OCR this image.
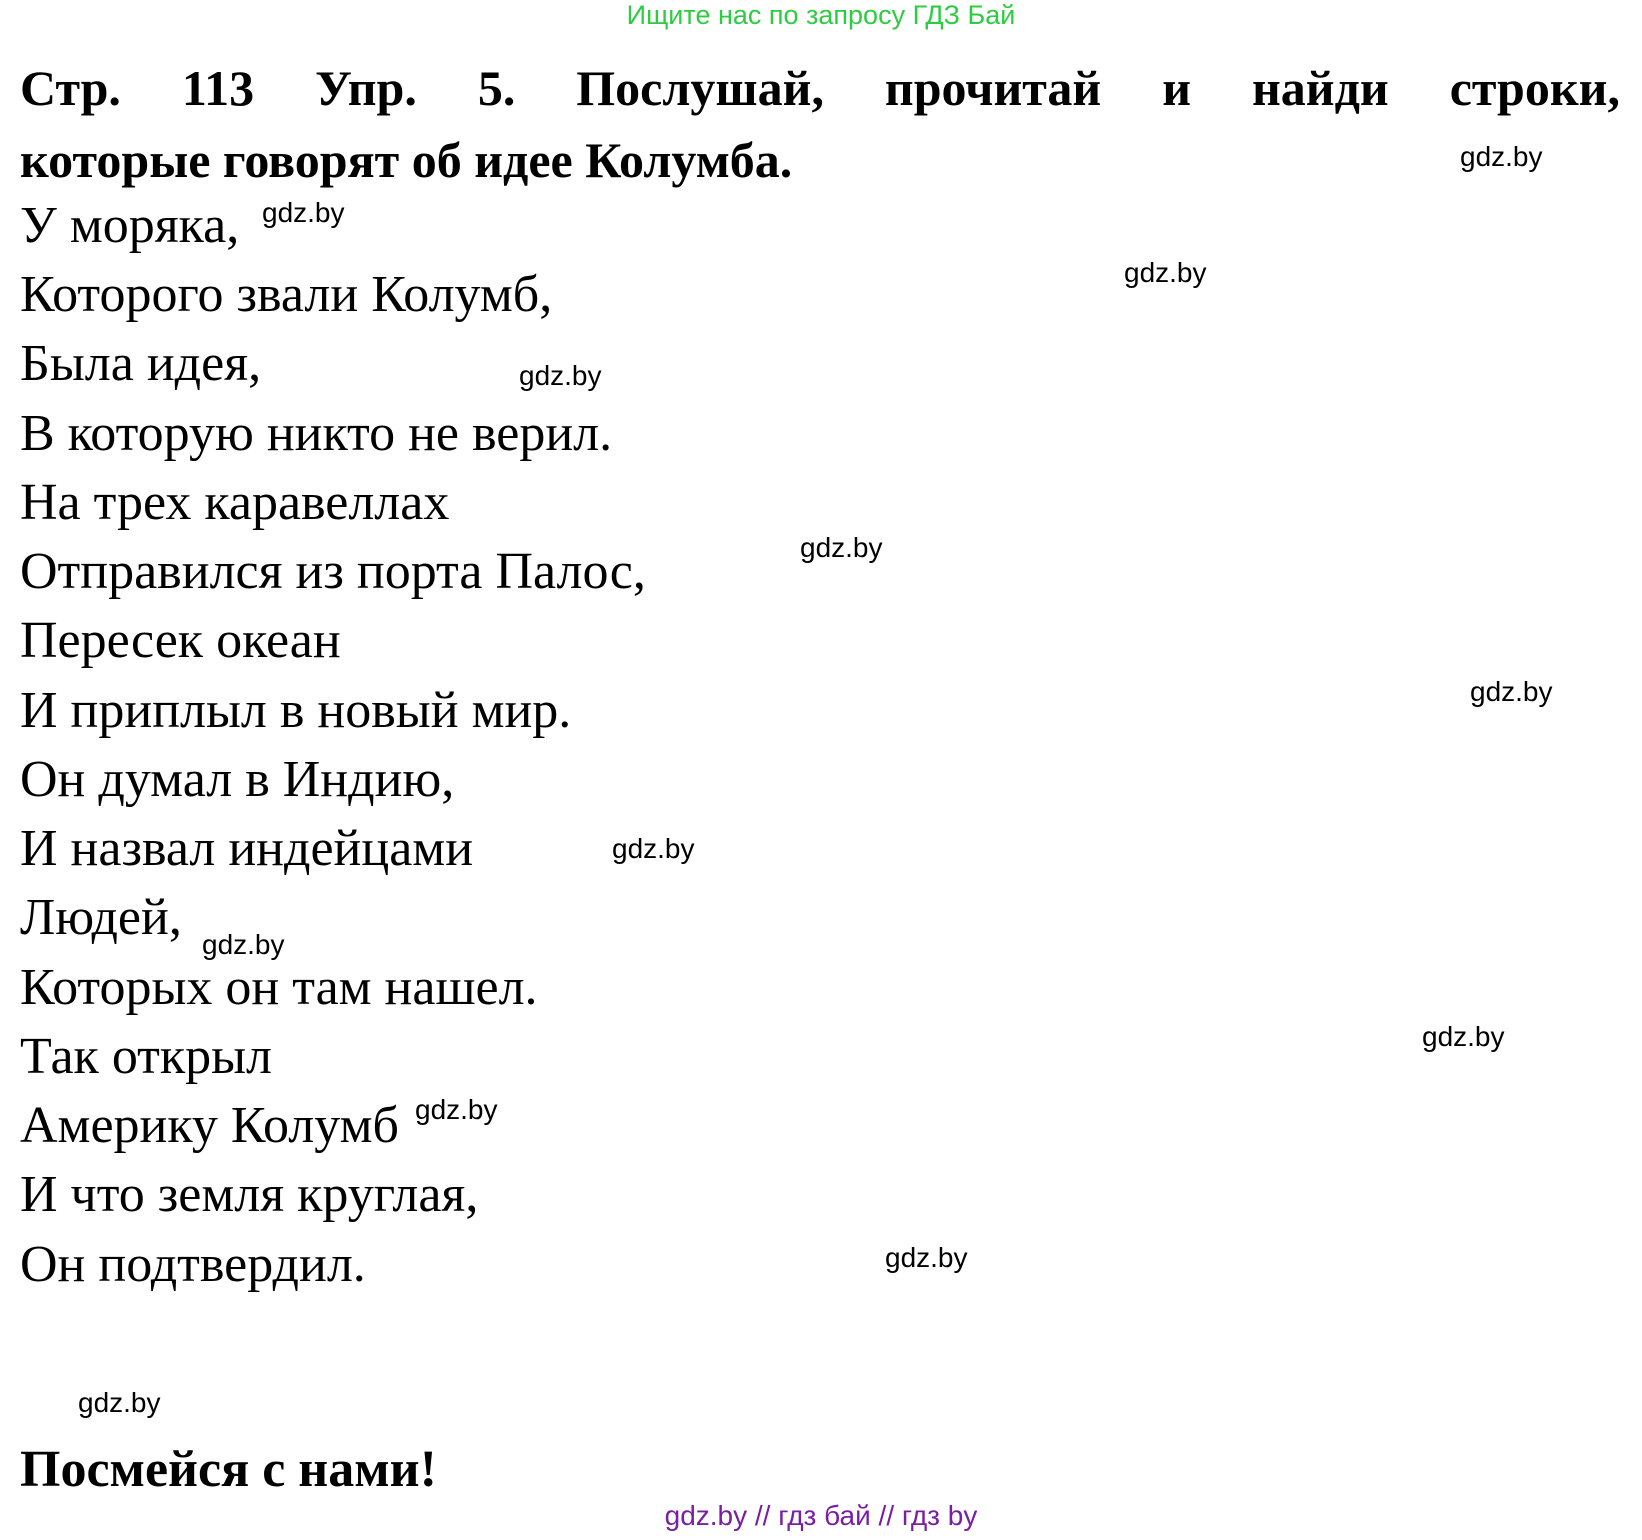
Ищите нас по запросу ГДЗ Бай
Стр. 113 Упр. 5. Послушай, прочитай и найди строки,
которые говорят об идее Колумба.
У моряка,
Которого звали Колумб,
Была идея,
В которую никто не верил.
На трех каравеллах
Отправился из порта Палос,
Пересек океан
И приплыл в новый мир.
Он думал в Индию,
И назвал индейцами
Людей,
Которых он там нашел.
Так открыл
Америку Колумб
И что земля круглая,
Он подтвердил.
gdz.by
gdz.by
gdz.by
gdz.by
gdz.by
gdz.by
gdz.by
gdz.by
gdz.by
gdz.by
gdz.by
gdz.by
Посмейся с нами!
gdz.by // гдз бай // гдз by
